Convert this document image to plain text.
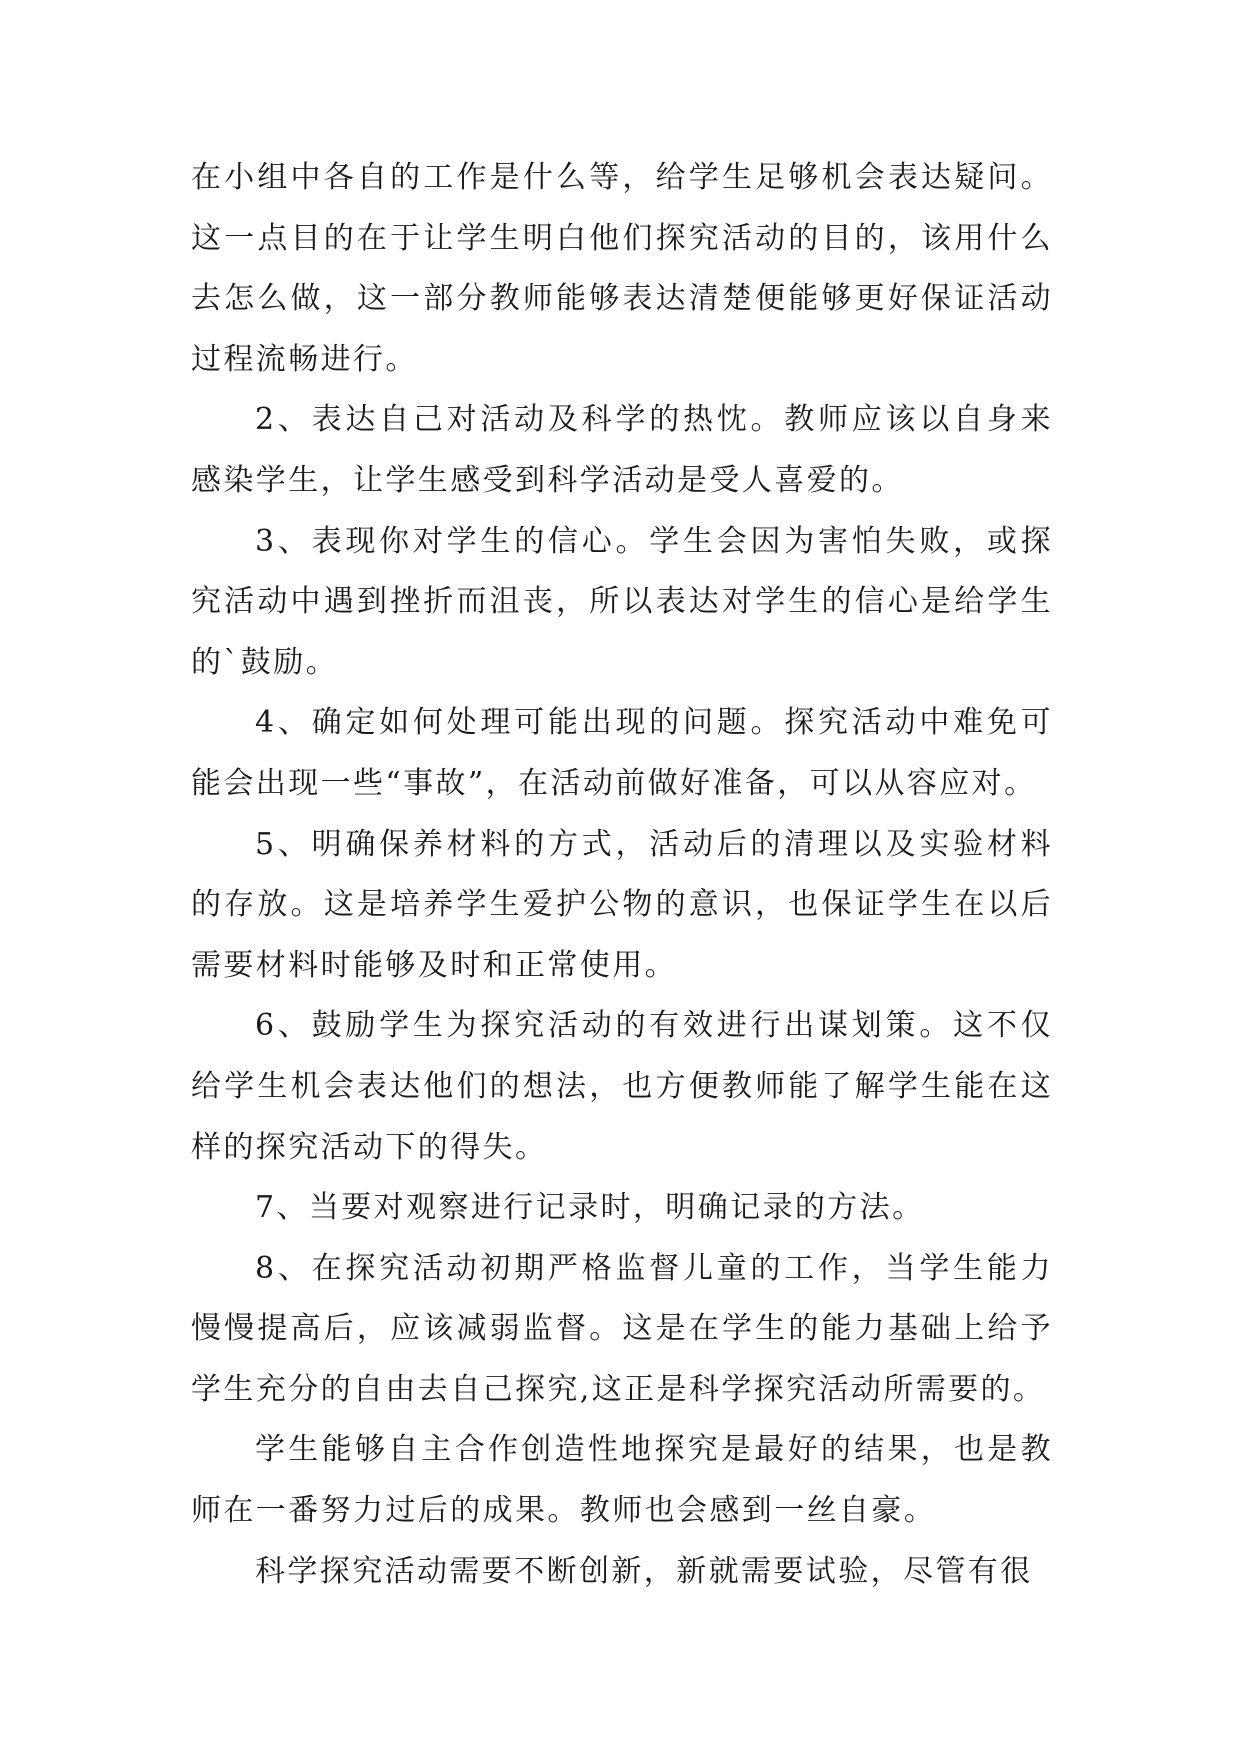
在小组中各自的工作是什么等，给学生足够机会表达疑问。这一点目的在于让学生明白他们探究活动的目的，该用什么去怎么做，这一部分教师能够表达清楚便能够更好保证活动过程流畅进行。

2、表达自己对活动及科学的热忱。教师应该以自身来感染学生，让学生感受到科学活动是受人喜爱的。

3、表现你对学生的信心。学生会因为害怕失败，或探究活动中遇到挫折而沮丧，所以表达对学生的信心是给学生的`鼓励。

4、确定如何处理可能出现的问题。探究活动中难免可能会出现一些“事故”，在活动前做好准备，可以从容应对。

5、明确保养材料的方式，活动后的清理以及实验材料的存放。这是培养学生爱护公物的意识，也保证学生在以后需要材料时能够及时和正常使用。

6、鼓励学生为探究活动的有效进行出谋划策。这不仅给学生机会表达他们的想法，也方便教师能了解学生能在这样的探究活动下的得失。

7、当要对观察进行记录时，明确记录的方法。

8、在探究活动初期严格监督儿童的工作，当学生能力慢慢提高后，应该减弱监督。这是在学生的能力基础上给予学生充分的自由去自己探究,这正是科学探究活动所需要的。

学生能够自主合作创造性地探究是最好的结果，也是教师在一番努力过后的成果。教师也会感到一丝自豪。

科学探究活动需要不断创新，新就需要试验，尽管有很
